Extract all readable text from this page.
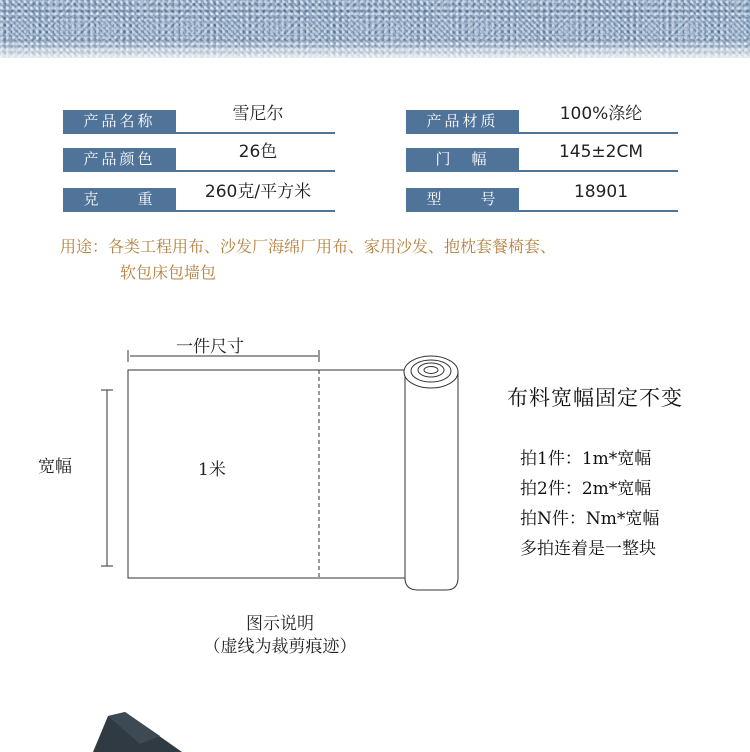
产品名称	雪尼尔	产品材质	100%涤纶
产品颜色	26色	门　幅	145±2CM
克　　重	260克/平方米	型　　号	18901
用途：各类工程用布、沙发厂海绵厂用布、家用沙发、抱枕套餐椅套、
软包床包墙包
一件尺寸
宽幅	1米
图示说明
（虚线为裁剪痕迹）
布料宽幅固定不变
拍1件：1m*宽幅
拍2件：2m*宽幅
拍N件：Nm*宽幅
多拍连着是一整块
